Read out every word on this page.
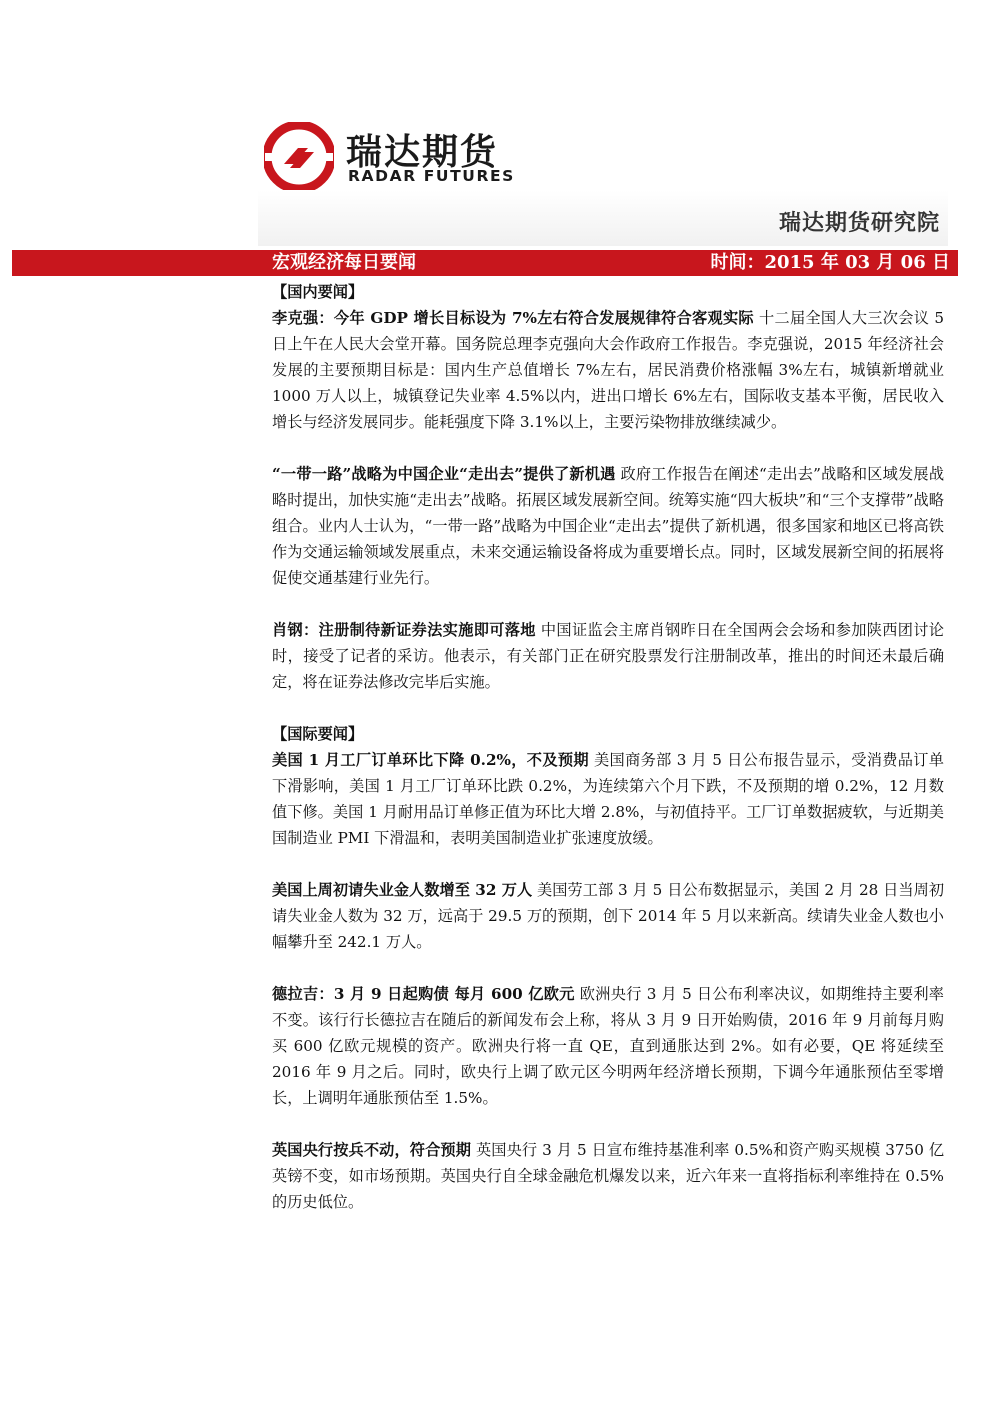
瑞达期货
RADAR FUTURES
瑞达期货研究院
宏观经济每日要闻	时间：2015 年 03 月 06 日

【国内要闻】

李克强：今年 GDP 增长目标设为 7%左右符合发展规律符合客观实际 十二届全国人大三次会议 5 日上午在人民大会堂开幕。国务院总理李克强向大会作政府工作报告。李克强说，2015 年经济社会发展的主要预期目标是：国内生产总值增长 7%左右，居民消费价格涨幅 3%左右，城镇新增就业 1000 万人以上，城镇登记失业率 4.5%以内，进出口增长 6%左右，国际收支基本平衡，居民收入增长与经济发展同步。能耗强度下降 3.1%以上，主要污染物排放继续减少。

“一带一路”战略为中国企业“走出去”提供了新机遇 政府工作报告在阐述“走出去”战略和区域发展战略时提出，加快实施“走出去”战略。拓展区域发展新空间。统筹实施“四大板块”和“三个支撑带”战略组合。业内人士认为，“一带一路”战略为中国企业“走出去”提供了新机遇，很多国家和地区已将高铁作为交通运输领域发展重点，未来交通运输设备将成为重要增长点。同时，区域发展新空间的拓展将促使交通基建行业先行。

肖钢：注册制待新证券法实施即可落地 中国证监会主席肖钢昨日在全国两会会场和参加陕西团讨论时，接受了记者的采访。他表示，有关部门正在研究股票发行注册制改革，推出的时间还未最后确定，将在证券法修改完毕后实施。

【国际要闻】

美国 1 月工厂订单环比下降 0.2%，不及预期 美国商务部 3 月 5 日公布报告显示，受消费品订单下滑影响，美国 1 月工厂订单环比跌 0.2%，为连续第六个月下跌，不及预期的增 0.2%，12 月数值下修。美国 1 月耐用品订单修正值为环比大增 2.8%，与初值持平。工厂订单数据疲软，与近期美国制造业 PMI 下滑温和，表明美国制造业扩张速度放缓。

美国上周初请失业金人数增至 32 万人 美国劳工部 3 月 5 日公布数据显示，美国 2 月 28 日当周初请失业金人数为 32 万，远高于 29.5 万的预期，创下 2014 年 5 月以来新高。续请失业金人数也小幅攀升至 242.1 万人。

德拉吉：3 月 9 日起购债 每月 600 亿欧元 欧洲央行 3 月 5 日公布利率决议，如期维持主要利率不变。该行行长德拉吉在随后的新闻发布会上称，将从 3 月 9 日开始购债，2016 年 9 月前每月购买 600 亿欧元规模的资产。欧洲央行将一直 QE，直到通胀达到 2%。如有必要，QE 将延续至 2016 年 9 月之后。同时，欧央行上调了欧元区今明两年经济增长预期，下调今年通胀预估至零增长，上调明年通胀预估至 1.5%。

英国央行按兵不动，符合预期 英国央行 3 月 5 日宣布维持基准利率 0.5%和资产购买规模 3750 亿英镑不变，如市场预期。英国央行自全球金融危机爆发以来，近六年来一直将指标利率维持在 0.5%的历史低位。
